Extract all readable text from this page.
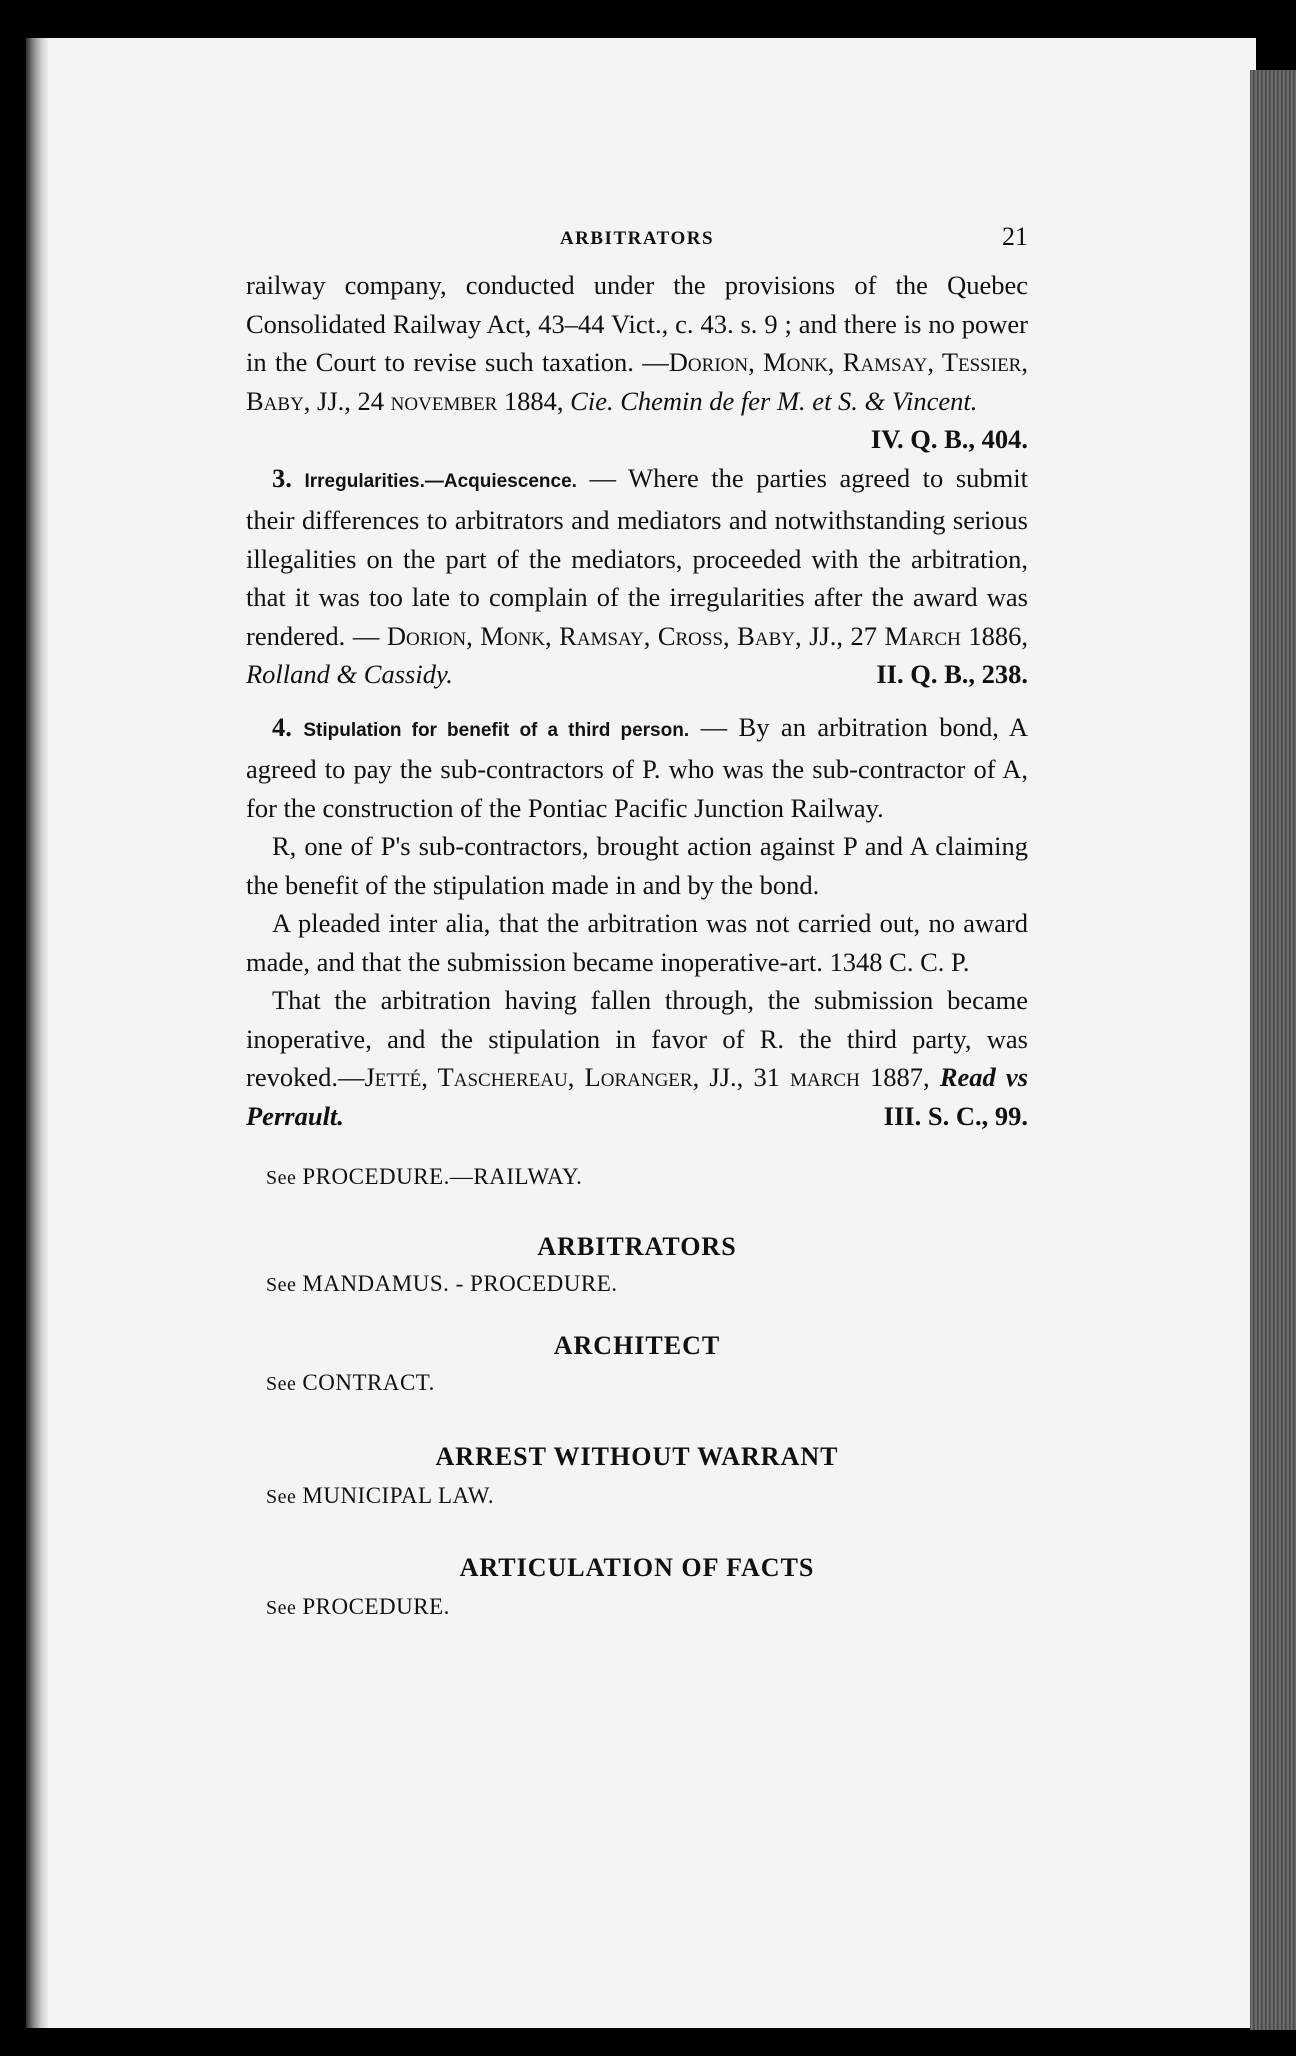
ARBITRATORS	21

railway company, conducted under the provisions of the Quebec Consolidated Railway Act, 43–44 Vict., c. 43. s. 9 ; and there is no power in the Court to revise such taxation. —Dorion, Monk, Ramsay, Tessier, Baby, JJ., 24 november 1884, Cie. Chemin de fer M. et S. & Vincent.
IV. Q. B., 404.

3. Irregularities.—Acquiescence. — Where the parties agreed to submit their differences to arbitrators and mediators and notwithstanding serious illegalities on the part of the mediators, proceeded with the arbitration, that it was too late to complain of the irregularities after the award was rendered. — Dorion, Monk, Ramsay, Cross, Baby, JJ., 27 March 1886, Rolland & Cassidy.	II. Q. B., 238.

4. Stipulation for benefit of a third person. — By an arbitration bond, A agreed to pay the sub-contractors of P. who was the sub-contractor of A, for the construction of the Pontiac Pacific Junction Railway.

R, one of P's sub-contractors, brought action against P and A claiming the benefit of the stipulation made in and by the bond.

A pleaded inter alia, that the arbitration was not carried out, no award made, and that the submission became inoperative-art. 1348 C. C. P.

That the arbitration having fallen through, the submission became inoperative, and the stipulation in favor of R. the third party, was revoked.—Jetté, Taschereau, Loranger, JJ., 31 march 1887, Read vs Perrault.	III. S. C., 99.

See PROCEDURE.—RAILWAY.
ARBITRATORS
See MANDAMUS. - PROCEDURE.
ARCHITECT
See CONTRACT.
ARREST WITHOUT WARRANT
See MUNICIPAL LAW.
ARTICULATION OF FACTS
See PROCEDURE.
